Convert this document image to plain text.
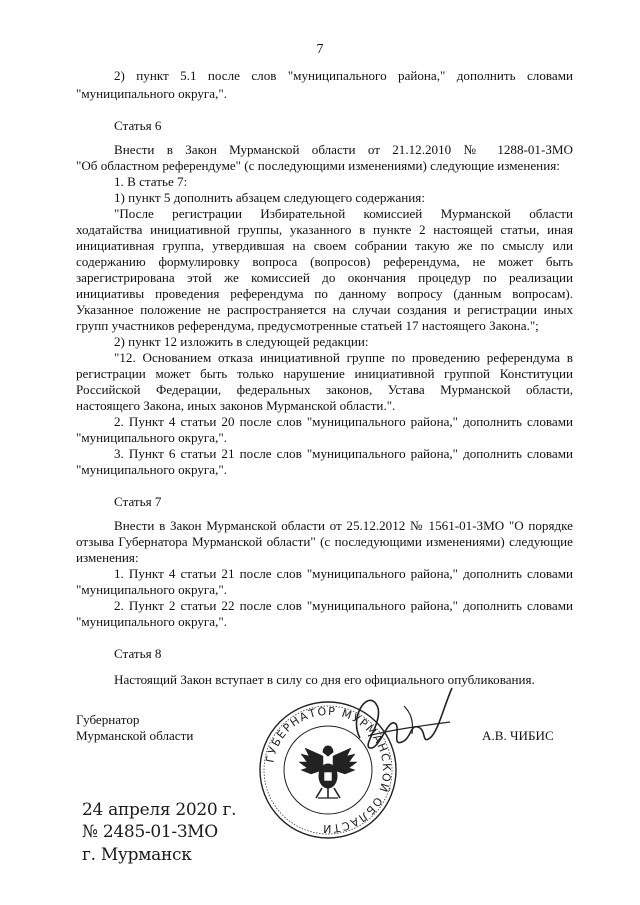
7
2) пункт 5.1 после слов "муниципального района," дополнить словами
"муниципального округа,".
Статья 6
Внести в Закон Мурманской области от 21.12.2010 № 1288-01-ЗМО
"Об областном референдуме" (с последующими изменениями) следующие изменения:
1. В статье 7:
1) пункт 5 дополнить абзацем следующего содержания:
"После регистрации Избирательной комиссией Мурманской области
ходатайства инициативной группы, указанного в пункте 2 настоящей статьи, иная
инициативная группа, утвердившая на своем собрании такую же по смыслу или
содержанию формулировку вопроса (вопросов) референдума, не может быть
зарегистрирована этой же комиссией до окончания процедур по реализации
инициативы проведения референдума по данному вопросу (данным вопросам).
Указанное положение не распространяется на случаи создания и регистрации иных
групп участников референдума, предусмотренные статьей 17 настоящего Закона.";
2) пункт 12 изложить в следующей редакции:
"12. Основанием отказа инициативной группе по проведению референдума в
регистрации может быть только нарушение инициативной группой Конституции
Российской Федерации, федеральных законов, Устава Мурманской области,
настоящего Закона, иных законов Мурманской области.".
2. Пункт 4 статьи 20 после слов "муниципального района," дополнить словами
"муниципального округа,".
3. Пункт 6 статьи 21 после слов "муниципального района," дополнить словами
"муниципального округа,".
Статья 7
Внести в Закон Мурманской области от 25.12.2012 № 1561-01-ЗМО "О порядке
отзыва Губернатора Мурманской области" (с последующими изменениями) следующие
изменения:
1. Пункт 4 статьи 21 после слов "муниципального района," дополнить словами
"муниципального округа,".
2. Пункт 2 статьи 22 после слов "муниципального района," дополнить словами
"муниципального округа,".
Статья 8
Настоящий Закон вступает в силу со дня его официального опубликования.
ГУБЕРНАТОР МУРМАНСКОЙ ОБЛАСТИ
Губернатор
Мурманской области	А.В. ЧИБИС
24 апреля 2020 г.
№ 2485-01-ЗМО
г. Мурманск
